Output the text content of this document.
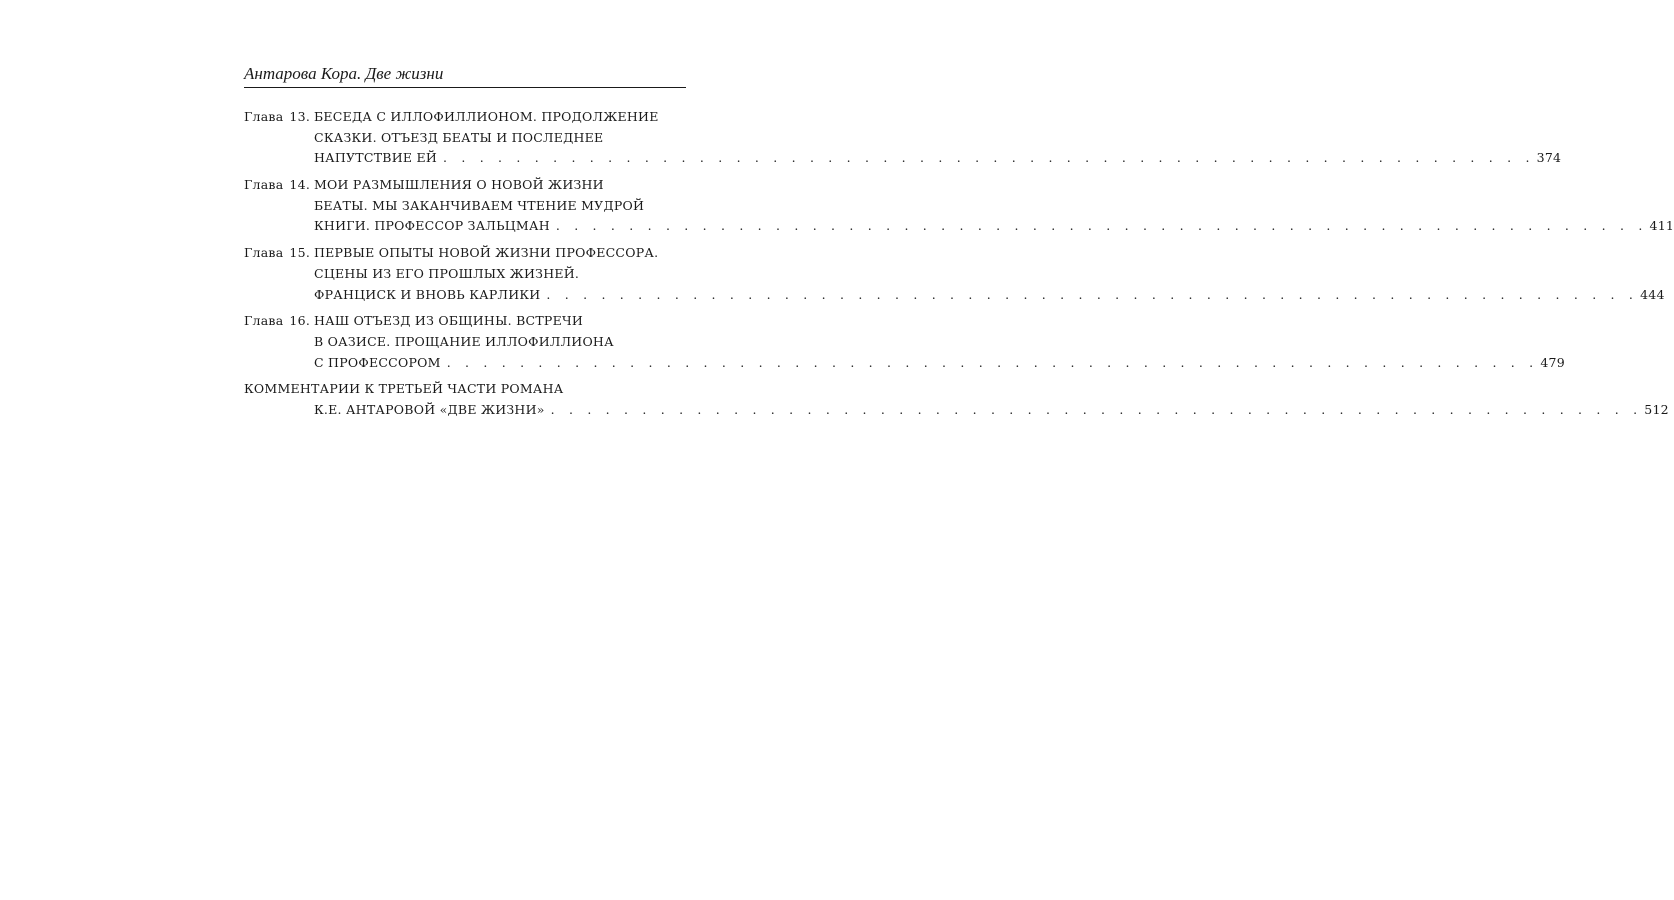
Антарова Кора. Две жизни
Глава 13. БЕСЕДА С ИЛЛОФИЛЛИОНОМ. ПРОДОЛЖЕНИЕ
СКАЗКИ. ОТЪЕЗД БЕАТЫ И ПОСЛЕДНЕЕ
НАПУТСТВИЕ ЕЙ . . . . . . . . . . . . . . . . . . . . . . . . . . . . . . . . . . . . . . . . . . . . . . . . . . . . . . . . . . . . 374
Глава 14. МОИ РАЗМЫШЛЕНИЯ О НОВОЙ ЖИЗНИ
БЕАТЫ. МЫ ЗАКАНЧИВАЕМ ЧТЕНИЕ МУДРОЙ
КНИГИ. ПРОФЕССОР ЗАЛЬЦМАН . . . . . . . . . . . . . . . . . . . . . . . . . . . . . . . . . . . . . . . . . . . . . . . . . . . . . . . . . . . . 411
Глава 15. ПЕРВЫЕ ОПЫТЫ НОВОЙ ЖИЗНИ ПРОФЕССОРА.
СЦЕНЫ ИЗ ЕГО ПРОШЛЫХ ЖИЗНЕЙ.
ФРАНЦИСК И ВНОВЬ КАРЛИКИ . . . . . . . . . . . . . . . . . . . . . . . . . . . . . . . . . . . . . . . . . . . . . . . . . . . . . . . . . . . . 444
Глава 16. НАШ ОТЪЕЗД ИЗ ОБЩИНЫ. ВСТРЕЧИ
В ОАЗИСЕ. ПРОЩАНИЕ ИЛЛОФИЛЛИОНА
С ПРОФЕССОРОМ . . . . . . . . . . . . . . . . . . . . . . . . . . . . . . . . . . . . . . . . . . . . . . . . . . . . . . . . . . . . 479
КОММЕНТАРИИ К ТРЕТЬЕЙ ЧАСТИ РОМАНА
К.Е. АНТАРОВОЙ «ДВЕ ЖИЗНИ» . . . . . . . . . . . . . . . . . . . . . . . . . . . . . . . . . . . . . . . . . . . . . . . . . . . . . . . . . . . . 512
